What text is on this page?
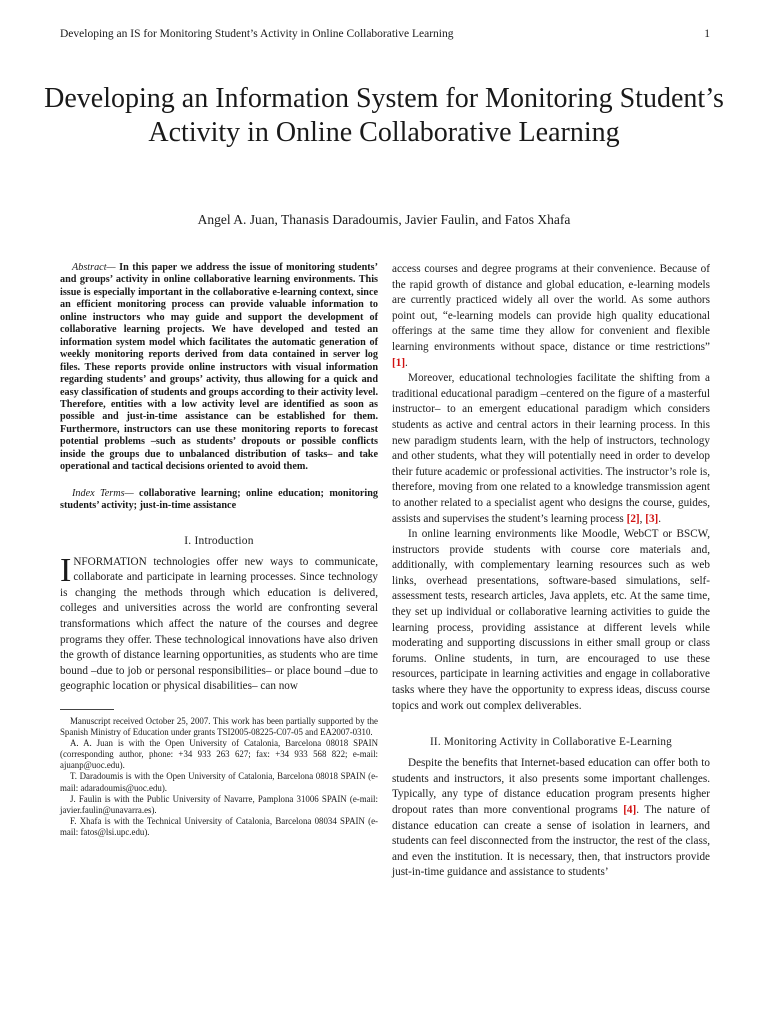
Developing an IS for Monitoring Student’s Activity in Online Collaborative Learning	1
Developing an Information System for Monitoring Student’s Activity in Online Collaborative Learning
Angel A. Juan, Thanasis Daradoumis, Javier Faulin, and Fatos Xhafa

Abstract— In this paper we address the issue of monitoring students’ and groups’ activity in online collaborative learning environments. This issue is especially important in the collaborative e-learning context, since an efficient monitoring process can provide valuable information to online instructors who may guide and support the development of collaborative learning projects. We have developed and tested an information system model which facilitates the automatic generation of weekly monitoring reports derived from data contained in server log files. These reports provide online instructors with visual information regarding students’ and groups’ activity, thus allowing for a quick and easy classification of students and groups according to their activity level. Therefore, entities with a low activity level are identified as soon as possible and just-in-time assistance can be established for them. Furthermore, instructors can use these monitoring reports to forecast potential problems –such as students’ dropouts or possible conflicts inside the groups due to unbalanced distribution of tasks– and take operational and tactical decisions oriented to avoid them.

Index Terms— collaborative learning; online education; monitoring students’ activity; just-in-time assistance

I. Introduction

INFORMATION technologies offer new ways to communicate, collaborate and participate in learning processes. Since technology is changing the methods through which education is delivered, colleges and universities across the world are confronting several transformations which affect the nature of the courses and degree programs they offer. These technological innovations have also driven the growth of distance learning opportunities, as students who are time bound –due to job or personal responsibilities– or place bound –due to geographic location or physical disabilities– can now

Manuscript received October 25, 2007. This work has been partially supported by the Spanish Ministry of Education under grants TSI2005-08225-C07-05 and EA2007-0310.

A. A. Juan is with the Open University of Catalonia, Barcelona 08018 SPAIN (corresponding author, phone: +34 933 263 627; fax: +34 933 568 822; e-mail: ajuanp@uoc.edu).

T. Daradoumis is with the Open University of Catalonia, Barcelona 08018 SPAIN (e-mail: adaradoumis@uoc.edu).

J. Faulin is with the Public University of Navarre, Pamplona 31006 SPAIN (e-mail: javier.faulin@unavarra.es).

F. Xhafa is with the Technical University of Catalonia, Barcelona 08034 SPAIN (e-mail: fatos@lsi.upc.edu).

access courses and degree programs at their convenience. Because of the rapid growth of distance and global education, e-learning models are currently practiced widely all over the world. As some authors point out, “e-learning models can provide high quality educational offerings at the same time they allow for convenient and flexible learning environments without space, distance or time restrictions” [1].

Moreover, educational technologies facilitate the shifting from a traditional educational paradigm –centered on the figure of a masterful instructor– to an emergent educational paradigm which considers students as active and central actors in their learning process. In this new paradigm students learn, with the help of instructors, technology and other students, what they will potentially need in order to develop their future academic or professional activities. The instructor’s role is, therefore, moving from one related to a knowledge transmission agent to another related to a specialist agent who designs the course, guides, assists and supervises the student’s learning process [2], [3].

In online learning environments like Moodle, WebCT or BSCW, instructors provide students with course core materials and, additionally, with complementary learning resources such as web links, overhead presentations, software-based simulations, self-assessment tests, research articles, Java applets, etc. At the same time, they set up individual or collaborative learning activities to guide the learning process, providing assistance at different levels while moderating and supporting discussions in either small group or class forums. Online students, in turn, are encouraged to use these resources, participate in learning activities and engage in collaborative tasks where they have the opportunity to express ideas, discuss course topics and work out complex deliverables.

II. Monitoring Activity in Collaborative E-Learning

Despite the benefits that Internet-based education can offer both to students and instructors, it also presents some important challenges. Typically, any type of distance education program presents higher dropout rates than more conventional programs [4]. The nature of distance education can create a sense of isolation in learners, and students can feel disconnected from the instructor, the rest of the class, and even the institution. It is necessary, then, that instructors provide just-in-time guidance and assistance to students’
